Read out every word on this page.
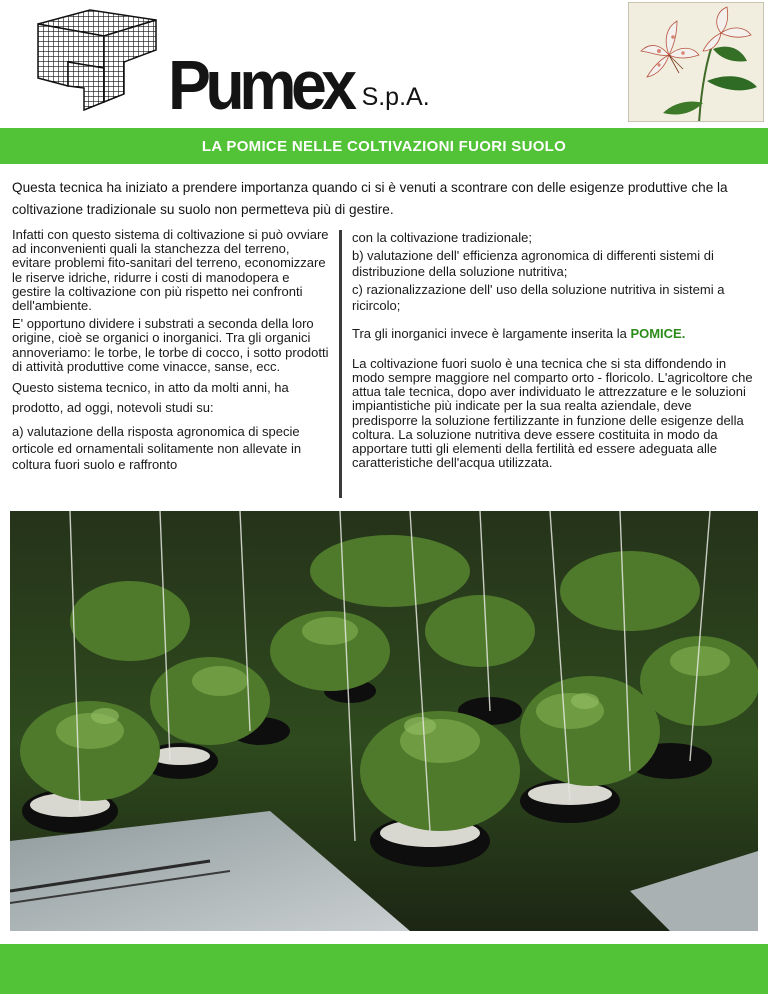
Pumex S.p.A.
LA POMICE NELLE COLTIVAZIONI FUORI SUOLO

Questa tecnica ha iniziato a prendere importanza quando ci si è venuti a scontrare con delle esigenze produttive che la coltivazione tradizionale su suolo non permetteva più di gestire.

Infatti con questo sistema di coltivazione si può ovviare ad inconvenienti quali la stanchezza del terreno, evitare problemi fito-sanitari del terreno, economizzare le riserve idriche, ridurre i costi di manodopera e gestire la coltivazione con più rispetto nei confronti dell'ambiente.

E' opportuno dividere i substrati a seconda della loro origine, cioè se organici o inorganici. Tra gli organici annoveriamo: le torbe, le torbe di cocco, i sotto prodotti di attività produttive come vinacce, sanse, ecc.

Questo sistema tecnico, in atto da molti anni, ha prodotto, ad oggi, notevoli studi su:

a) valutazione della risposta agronomica di specie orticole ed ornamentali solitamente non allevate in coltura fuori suolo e raffronto

con la coltivazione tradizionale;

b) valutazione dell' efficienza agronomica di differenti sistemi di distribuzione della soluzione nutritiva;

c) razionalizzazione dell' uso della soluzione nutritiva in sistemi a ricircolo;

Tra gli inorganici invece è largamente inserita la POMICE.

La coltivazione fuori suolo è una tecnica che si sta diffondendo in modo sempre maggiore nel comparto orto - floricolo. L'agricoltore che attua tale tecnica, dopo aver individuato le attrezzature e le soluzioni impiantistiche più indicate per la sua realta aziendale, deve predisporre la soluzione fertilizzante in funzione delle esigenze della coltura. La soluzione nutritiva deve essere costituita in modo da apportare tutti gli elementi della fertilità ed essere adeguata alle caratteristiche dell'acqua utilizzata.
